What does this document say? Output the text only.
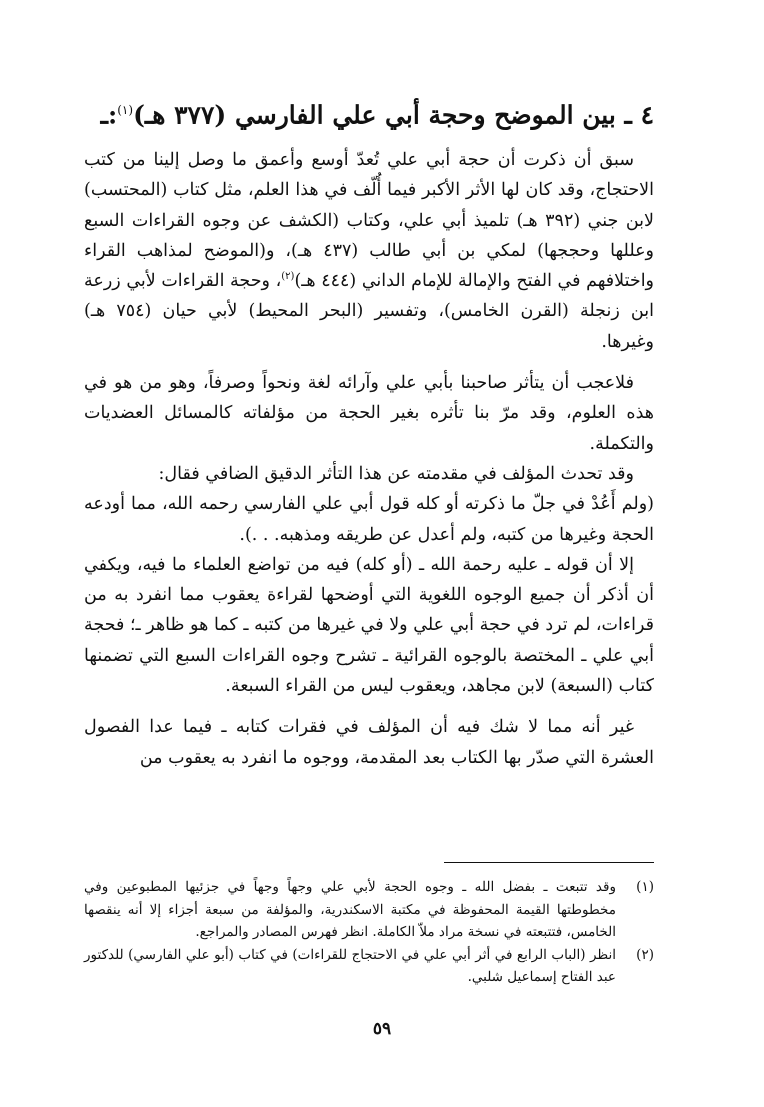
٤ ـ بين الموضح وحجة أبي علي الفارسي (٣٧٧ هـ)$^{(١)}$:ـ

سبق أن ذكرت أن حجة أبي علي تُعدّ أوسع وأعمق ما وصل إلينا من كتب الاحتجاج، وقد كان لها الأثر الأكبر فيما أُلّف في هذا العلم، مثل كتاب (المحتسب) لابن جني (٣٩٢ هـ) تلميذ أبي علي، وكتاب (الكشف عن وجوه القراءات السبع وعللها وحججها) لمكي بن أبي طالب (٤٣٧ هـ)، و(الموضح لمذاهب القراء واختلافهم في الفتح والإمالة للإمام الداني (٤٤٤ هـ)$^{(٢)}$، وحجة القراءات لأبي زرعة ابن زنجلة (القرن الخامس)، وتفسير (البحر المحيط) لأبي حيان (٧٥٤ هـ) وغيرها.

فلاعجب أن يتأثر صاحبنا بأبي علي وآرائه لغة ونحواً وصرفاً، وهو من هو في هذه العلوم، وقد مرّ بنا تأثره بغير الحجة من مؤلفاته كالمسائل العضديات والتكملة.

وقد تحدث المؤلف في مقدمته عن هذا التأثر الدقيق الضافي فقال:

(ولم أَعُدْ في جلّ ما ذكرته أو كله قول أبي علي الفارسي رحمه الله، مما أودعه الحجة وغيرها من كتبه، ولم أعدل عن طريقه ومذهبه. . .).

إلا أن قوله ـ عليه رحمة الله ـ (أو كله) فيه من تواضع العلماء ما فيه، ويكفي أن أذكر أن جميع الوجوه اللغوية التي أوضحها لقراءة يعقوب مما انفرد به من قراءات، لم ترد في حجة أبي علي ولا في غيرها من كتبه ـ كما هو ظاهر ـ؛ فحجة أبي علي ـ المختصة بالوجوه القرائية ـ تشرح وجوه القراءات السبع التي تضمنها كتاب (السبعة) لابن مجاهد، ويعقوب ليس من القراء السبعة.

غير أنه مما لا شك فيه أن المؤلف في فقرات كتابه ـ فيما عدا الفصول العشرة التي صدّر بها الكتاب بعد المقدمة، ووجوه ما انفرد به يعقوب من

(١)
وقد تتبعت ـ بفضل الله ـ وجوه الحجة لأبي علي وجهاً وجهاً في جزئيها المطبوعين وفي مخطوطتها القيمة المحفوظة في مكتبة الاسكندرية، والمؤلفة من سبعة أجزاء إلا أنه ينقصها الخامس، فتتبعته في نسخة مراد ملاّ الكاملة. انظر فهرس المصادر والمراجع.

(٢)
انظر (الباب الرابع في أثر أبي علي في الاحتجاج للقراءات) في كتاب (أبو علي الفارسي) للدكتور عبد الفتاح إسماعيل شلبي.

٥٩
